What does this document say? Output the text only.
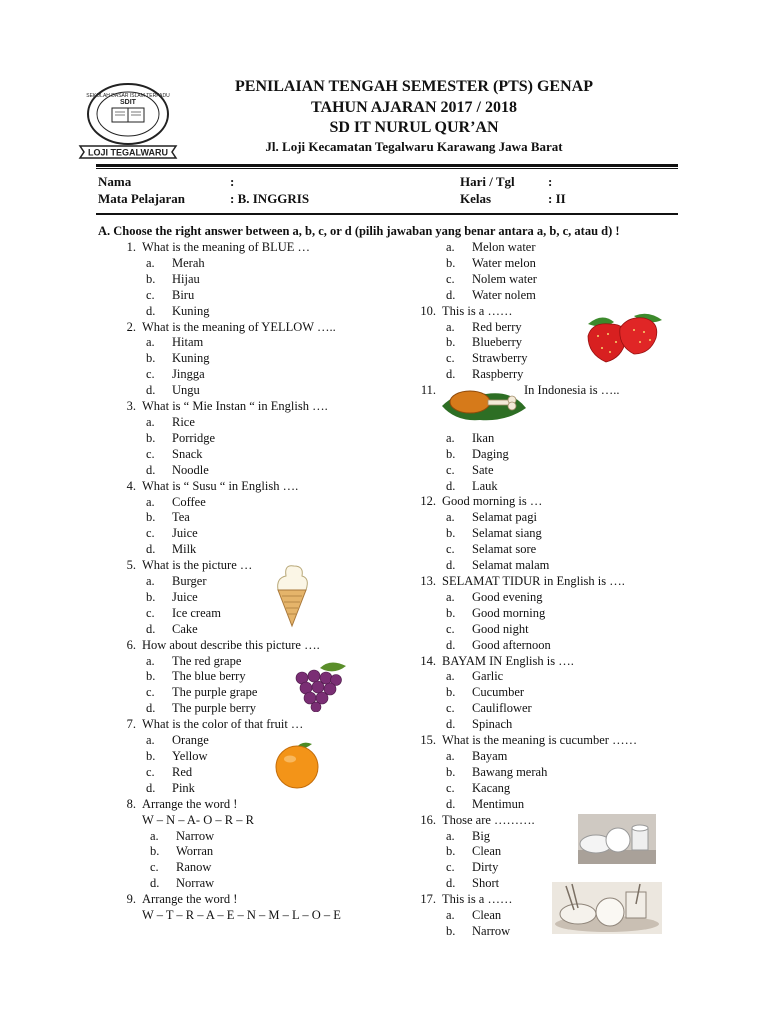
SEKOLAH DASAR ISLAM TERPADU
SDIT
LOJI TEGALWARU
PENILAIAN TENGAH SEMESTER (PTS) GENAP
TAHUN AJARAN 2017 / 2018
SD IT NURUL QUR’AN
Jl. Loji Kecamatan Tegalwaru Karawang Jawa Barat
Nama	:
Mata Pelajaran	: B. INGGRIS
Hari / Tgl	:
Kelas	: II
A. Choose the right answer between a, b, c, or d (pilih jawaban yang benar antara a, b, c, atau d) !
1. What is the meaning of BLUE …
a.	Merah
b.	Hijau
c.	Biru
d.	Kuning
2. What is the meaning of YELLOW …..
a.	Hitam
b.	Kuning
c.	Jingga
d.	Ungu
3. What is “ Mie Instan “ in English ….
a.	Rice
b.	Porridge
c.	Snack
d.	Noodle
4. What is “ Susu “ in English ….
a.	Coffee
b.	Tea
c.	Juice
d.	Milk
5. What is the picture …
a.	Burger
b.	Juice
c.	Ice cream
d.	Cake
6. How about describe this picture ….
a.	The red grape
b.	The blue berry
c.	The purple grape
d.	The purple berry
7. What is the color of that fruit …
a.	Orange
b.	Yellow
c.	Red
d.	Pink
8. Arrange the word !
W – N – A- O – R – R
a.	Narrow
b.	Worran
c.	Ranow
d.	Norraw
9. Arrange the word !
W – T – R – A – E – N – M – L – O – E
a.	Melon water
b.	Water melon
c.	Nolem water
d.	Water nolem
10. This is a ……
a.	Red berry
b.	Blueberry
c.	Strawberry
d.	Raspberry
11.	In Indonesia is …..
a.	Ikan
b.	Daging
c.	Sate
d.	Lauk
12. Good morning is …
a.	Selamat pagi
b.	Selamat siang
c.	Selamat sore
d.	Selamat malam
13. SELAMAT TIDUR in English is ….
a.	Good evening
b.	Good morning
c.	Good night
d.	Good afternoon
14. BAYAM IN English is ….
a.	Garlic
b.	Cucumber
c.	Cauliflower
d.	Spinach
15. What is the meaning is cucumber ……
a.	Bayam
b.	Bawang merah
c.	Kacang
d.	Mentimun
16. Those are ……….
a.	Big
b.	Clean
c.	Dirty
d.	Short
17. This is a ……
a.	Clean
b.	Narrow
